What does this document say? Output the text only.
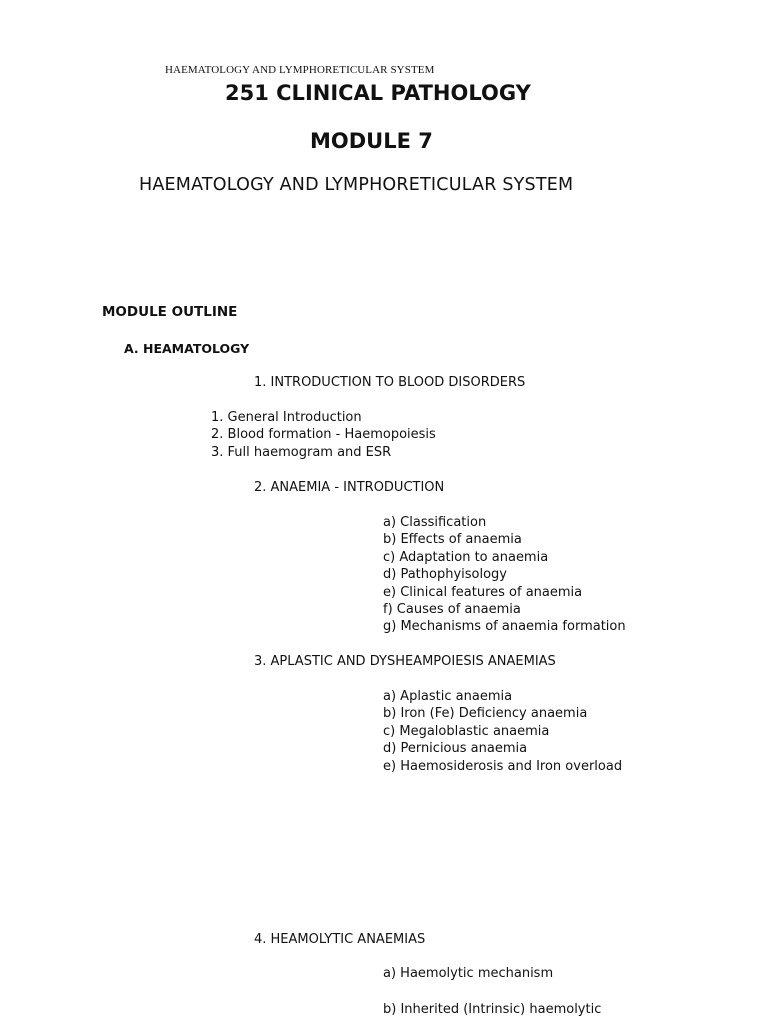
HAEMATOLOGY AND LYMPHORETICULAR SYSTEM
251 CLINICAL PATHOLOGY
MODULE 7
HAEMATOLOGY AND LYMPHORETICULAR SYSTEM
MODULE OUTLINE
A. HEAMATOLOGY
1. INTRODUCTION TO BLOOD DISORDERS
1. General Introduction
2. Blood formation - Haemopoiesis
3. Full haemogram and ESR
2. ANAEMIA - INTRODUCTION
a) Classification
b) Effects of anaemia
c) Adaptation to anaemia
d) Pathophyisology
e) Clinical features of anaemia
f) Causes of anaemia
g) Mechanisms of anaemia formation
3. APLASTIC AND DYSHEAMPOIESIS ANAEMIAS
a) Aplastic anaemia
b) Iron (Fe) Deficiency anaemia
c) Megaloblastic anaemia
d) Pernicious anaemia
e) Haemosiderosis and Iron overload
4. HEAMOLYTIC ANAEMIAS
a) Haemolytic mechanism
b) Inherited (Intrinsic) haemolytic
